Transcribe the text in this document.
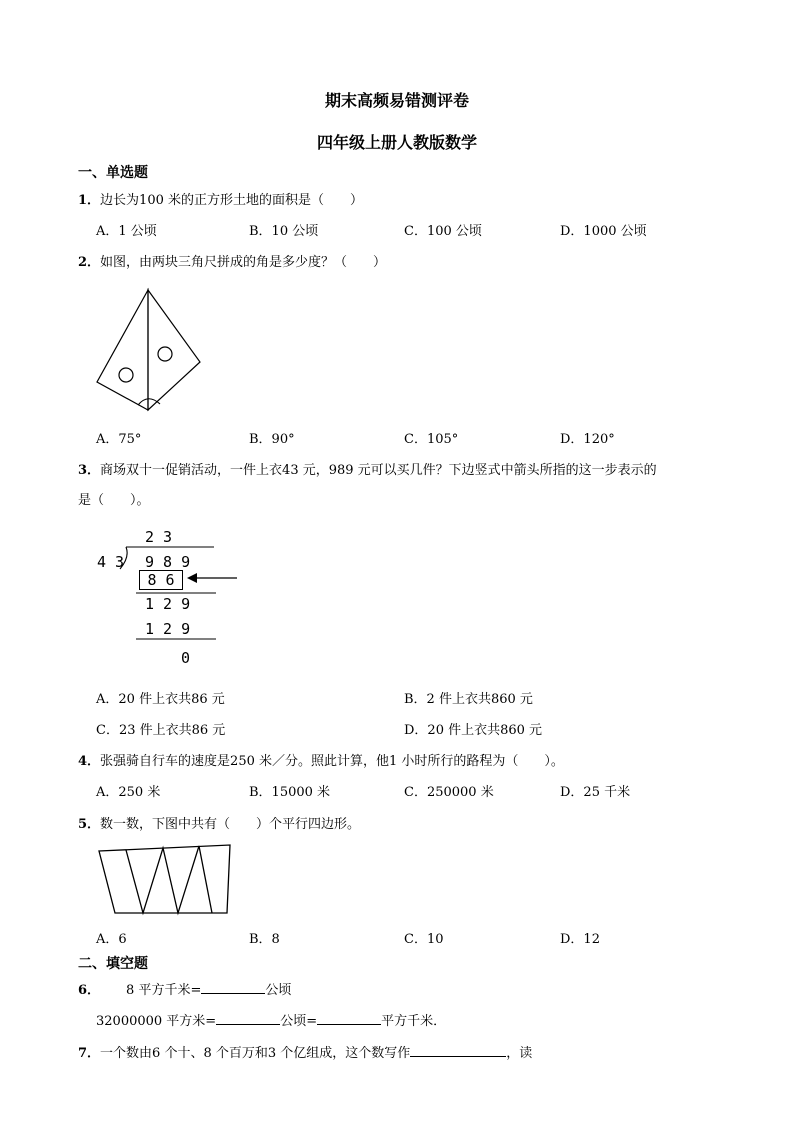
期末高频易错测评卷
四年级上册人教版数学
一、单选题
1．边长为100 米的正方形土地的面积是（　　）
A．1 公顷	B．10 公顷	C．100 公顷	D．1000 公顷
2．如图，由两块三角尺拼成的角是多少度？（　　）
A．75°	B．90°	C．105°	D．120°
3．商场双十一促销活动，一件上衣43 元，989 元可以买几件？下边竖式中箭头所指的这一步表示的
是（　　）。
2 3
4 3 9 8 9
8 6
1 2 9
1 2 9
0
A．20 件上衣共86 元	B．2 件上衣共860 元
C．23 件上衣共86 元	D．20 件上衣共860 元
4．张强骑自行车的速度是250 米／分。照此计算，他1 小时所行的路程为（　　）。
A．250 米	B．15000 米	C．250000 米	D．25 千米
5．数一数，下图中共有（　　）个平行四边形。
A．6	B．8	C．10	D．12
二、填空题
6． 8 平方千米=	公顷
32000000 平方米=	公顷=	平方千米．
7．一个数由6 个十、8 个百万和3 个亿组成，这个数写作	，读
